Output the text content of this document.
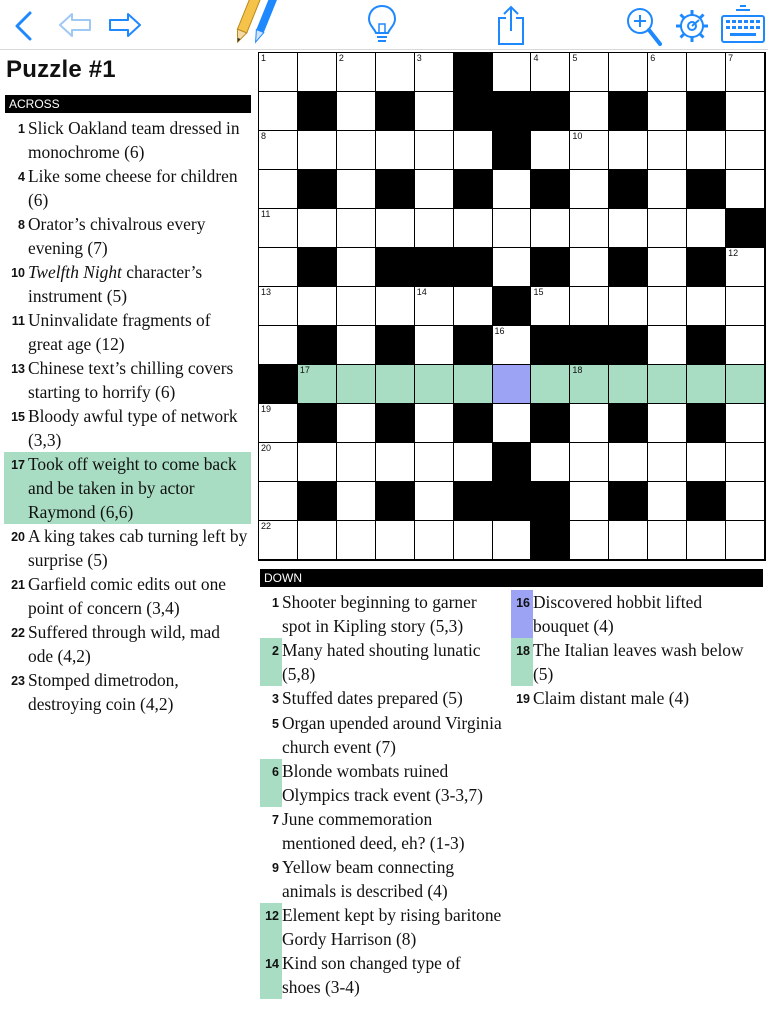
Puzzle #1
ACROSS
1 Slick Oakland team dressed in monochrome (6)
4 Like some cheese for children (6)
8 Orator’s chivalrous every evening (7)
10 Twelfth Night character’s instrument (5)
11 Uninvalidate fragments of great age (12)
13 Chinese text’s chilling covers starting to horrify (6)
15 Bloody awful type of network (3,3)
17 Took off weight to come back and be taken in by actor Raymond (6,6)
20 A king takes cab turning left by surprise (5)
21 Garfield comic edits out one point of concern (3,4)
22 Suffered through wild, mad ode (4,2)
23 Stomped dimetrodon, destroying coin (4,2)
1	2	3	4	5	6	7
8	10
11
12
13	14	15
16
17	18
19
20
22
DOWN
1 Shooter beginning to garner spot in Kipling story (5,3)
2 Many hated shouting lunatic (5,8)
3 Stuffed dates prepared (5)
5 Organ upended around Virginia church event (7)
6 Blonde wombats ruined Olympics track event (3-3,7)
7 June commemoration mentioned deed, eh? (1-3)
9 Yellow beam connecting animals is described (4)
12 Element kept by rising baritone Gordy Harrison (8)
14 Kind son changed type of shoes (3-4)
16 Discovered hobbit lifted bouquet (4)
18 The Italian leaves wash below (5)
19 Claim distant male (4)
